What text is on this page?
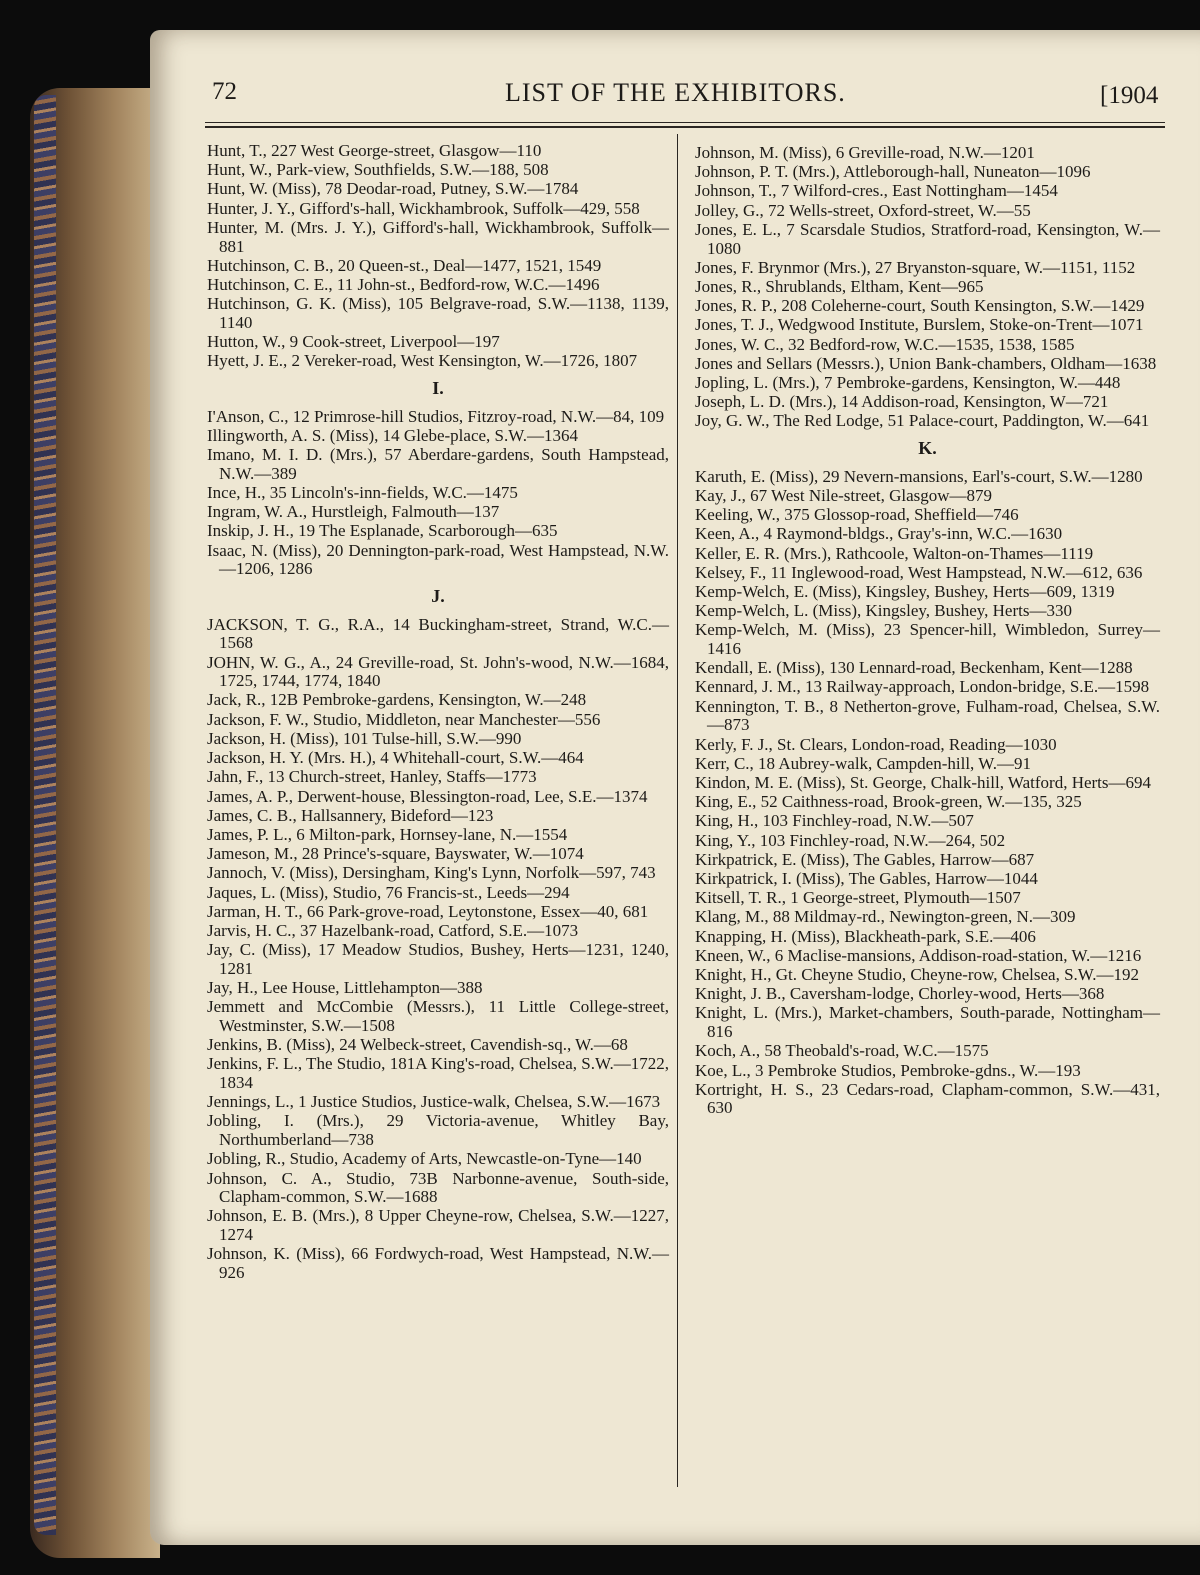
72	LIST OF THE EXHIBITORS.	[1904

Hunt, T., 227 West George-street, Glasgow—110

Hunt, W., Park-view, Southfields, S.W.—188, 508

Hunt, W. (Miss), 78 Deodar-road, Putney, S.W.—1784

Hunter, J. Y., Gifford's-hall, Wickhambrook, Suffolk—429, 558

Hunter, M. (Mrs. J. Y.), Gifford's-hall, Wickhambrook, Suffolk—881

Hutchinson, C. B., 20 Queen-st., Deal—1477, 1521, 1549

Hutchinson, C. E., 11 John-st., Bedford-row, W.C.—1496

Hutchinson, G. K. (Miss), 105 Belgrave-road, S.W.—1138, 1139, 1140

Hutton, W., 9 Cook-street, Liverpool—197

Hyett, J. E., 2 Vereker-road, West Kensington, W.—1726, 1807

I.

I'Anson, C., 12 Primrose-hill Studios, Fitzroy-road, N.W.—84, 109

Illingworth, A. S. (Miss), 14 Glebe-place, S.W.—1364

Imano, M. I. D. (Mrs.), 57 Aberdare-gardens, South Hampstead, N.W.—389

Ince, H., 35 Lincoln's-inn-fields, W.C.—1475

Ingram, W. A., Hurstleigh, Falmouth—137

Inskip, J. H., 19 The Esplanade, Scarborough—635

Isaac, N. (Miss), 20 Dennington-park-road, West Hampstead, N.W.—1206, 1286

J.

JACKSON, T. G., R.A., 14 Buckingham-street, Strand, W.C.—1568

JOHN, W. G., A., 24 Greville-road, St. John's-wood, N.W.—1684, 1725, 1744, 1774, 1840

Jack, R., 12B Pembroke-gardens, Kensington, W.—248

Jackson, F. W., Studio, Middleton, near Manchester—556

Jackson, H. (Miss), 101 Tulse-hill, S.W.—990

Jackson, H. Y. (Mrs. H.), 4 Whitehall-court, S.W.—464

Jahn, F., 13 Church-street, Hanley, Staffs—1773

James, A. P., Derwent-house, Blessington-road, Lee, S.E.—1374

James, C. B., Hallsannery, Bideford—123

James, P. L., 6 Milton-park, Hornsey-lane, N.—1554

Jameson, M., 28 Prince's-square, Bayswater, W.—1074

Jannoch, V. (Miss), Dersingham, King's Lynn, Norfolk—597, 743

Jaques, L. (Miss), Studio, 76 Francis-st., Leeds—294

Jarman, H. T., 66 Park-grove-road, Leytonstone, Essex—40, 681

Jarvis, H. C., 37 Hazelbank-road, Catford, S.E.—1073

Jay, C. (Miss), 17 Meadow Studios, Bushey, Herts—1231, 1240, 1281

Jay, H., Lee House, Littlehampton—388

Jemmett and McCombie (Messrs.), 11 Little College-street, Westminster, S.W.—1508

Jenkins, B. (Miss), 24 Welbeck-street, Cavendish-sq., W.—68

Jenkins, F. L., The Studio, 181A King's-road, Chelsea, S.W.—1722, 1834

Jennings, L., 1 Justice Studios, Justice-walk, Chelsea, S.W.—1673

Jobling, I. (Mrs.), 29 Victoria-avenue, Whitley Bay, Northumberland—738

Jobling, R., Studio, Academy of Arts, Newcastle-on-Tyne—140

Johnson, C. A., Studio, 73B Narbonne-avenue, South-side, Clapham-common, S.W.—1688

Johnson, E. B. (Mrs.), 8 Upper Cheyne-row, Chelsea, S.W.—1227, 1274

Johnson, K. (Miss), 66 Fordwych-road, West Hampstead, N.W.—926

Johnson, M. (Miss), 6 Greville-road, N.W.—1201

Johnson, P. T. (Mrs.), Attleborough-hall, Nuneaton—1096

Johnson, T., 7 Wilford-cres., East Nottingham—1454

Jolley, G., 72 Wells-street, Oxford-street, W.—55

Jones, E. L., 7 Scarsdale Studios, Stratford-road, Kensington, W.—1080

Jones, F. Brynmor (Mrs.), 27 Bryanston-square, W.—1151, 1152

Jones, R., Shrublands, Eltham, Kent—965

Jones, R. P., 208 Coleherne-court, South Kensington, S.W.—1429

Jones, T. J., Wedgwood Institute, Burslem, Stoke-on-Trent—1071

Jones, W. C., 32 Bedford-row, W.C.—1535, 1538, 1585

Jones and Sellars (Messrs.), Union Bank-chambers, Oldham—1638

Jopling, L. (Mrs.), 7 Pembroke-gardens, Kensington, W.—448

Joseph, L. D. (Mrs.), 14 Addison-road, Kensington, W—721

Joy, G. W., The Red Lodge, 51 Palace-court, Paddington, W.—641

K.

Karuth, E. (Miss), 29 Nevern-mansions, Earl's-court, S.W.—1280

Kay, J., 67 West Nile-street, Glasgow—879

Keeling, W., 375 Glossop-road, Sheffield—746

Keen, A., 4 Raymond-bldgs., Gray's-inn, W.C.—1630

Keller, E. R. (Mrs.), Rathcoole, Walton-on-Thames—1119

Kelsey, F., 11 Inglewood-road, West Hampstead, N.W.—612, 636

Kemp-Welch, E. (Miss), Kingsley, Bushey, Herts—609, 1319

Kemp-Welch, L. (Miss), Kingsley, Bushey, Herts—330

Kemp-Welch, M. (Miss), 23 Spencer-hill, Wimbledon, Surrey—1416

Kendall, E. (Miss), 130 Lennard-road, Beckenham, Kent—1288

Kennard, J. M., 13 Railway-approach, London-bridge, S.E.—1598

Kennington, T. B., 8 Netherton-grove, Fulham-road, Chelsea, S.W.—873

Kerly, F. J., St. Clears, London-road, Reading—1030

Kerr, C., 18 Aubrey-walk, Campden-hill, W.—91

Kindon, M. E. (Miss), St. George, Chalk-hill, Watford, Herts—694

King, E., 52 Caithness-road, Brook-green, W.—135, 325

King, H., 103 Finchley-road, N.W.—507

King, Y., 103 Finchley-road, N.W.—264, 502

Kirkpatrick, E. (Miss), The Gables, Harrow—687

Kirkpatrick, I. (Miss), The Gables, Harrow—1044

Kitsell, T. R., 1 George-street, Plymouth—1507

Klang, M., 88 Mildmay-rd., Newington-green, N.—309

Knapping, H. (Miss), Blackheath-park, S.E.—406

Kneen, W., 6 Maclise-mansions, Addison-road-station, W.—1216

Knight, H., Gt. Cheyne Studio, Cheyne-row, Chelsea, S.W.—192

Knight, J. B., Caversham-lodge, Chorley-wood, Herts—368

Knight, L. (Mrs.), Market-chambers, South-parade, Nottingham—816

Koch, A., 58 Theobald's-road, W.C.—1575

Koe, L., 3 Pembroke Studios, Pembroke-gdns., W.—193

Kortright, H. S., 23 Cedars-road, Clapham-common, S.W.—431, 630
